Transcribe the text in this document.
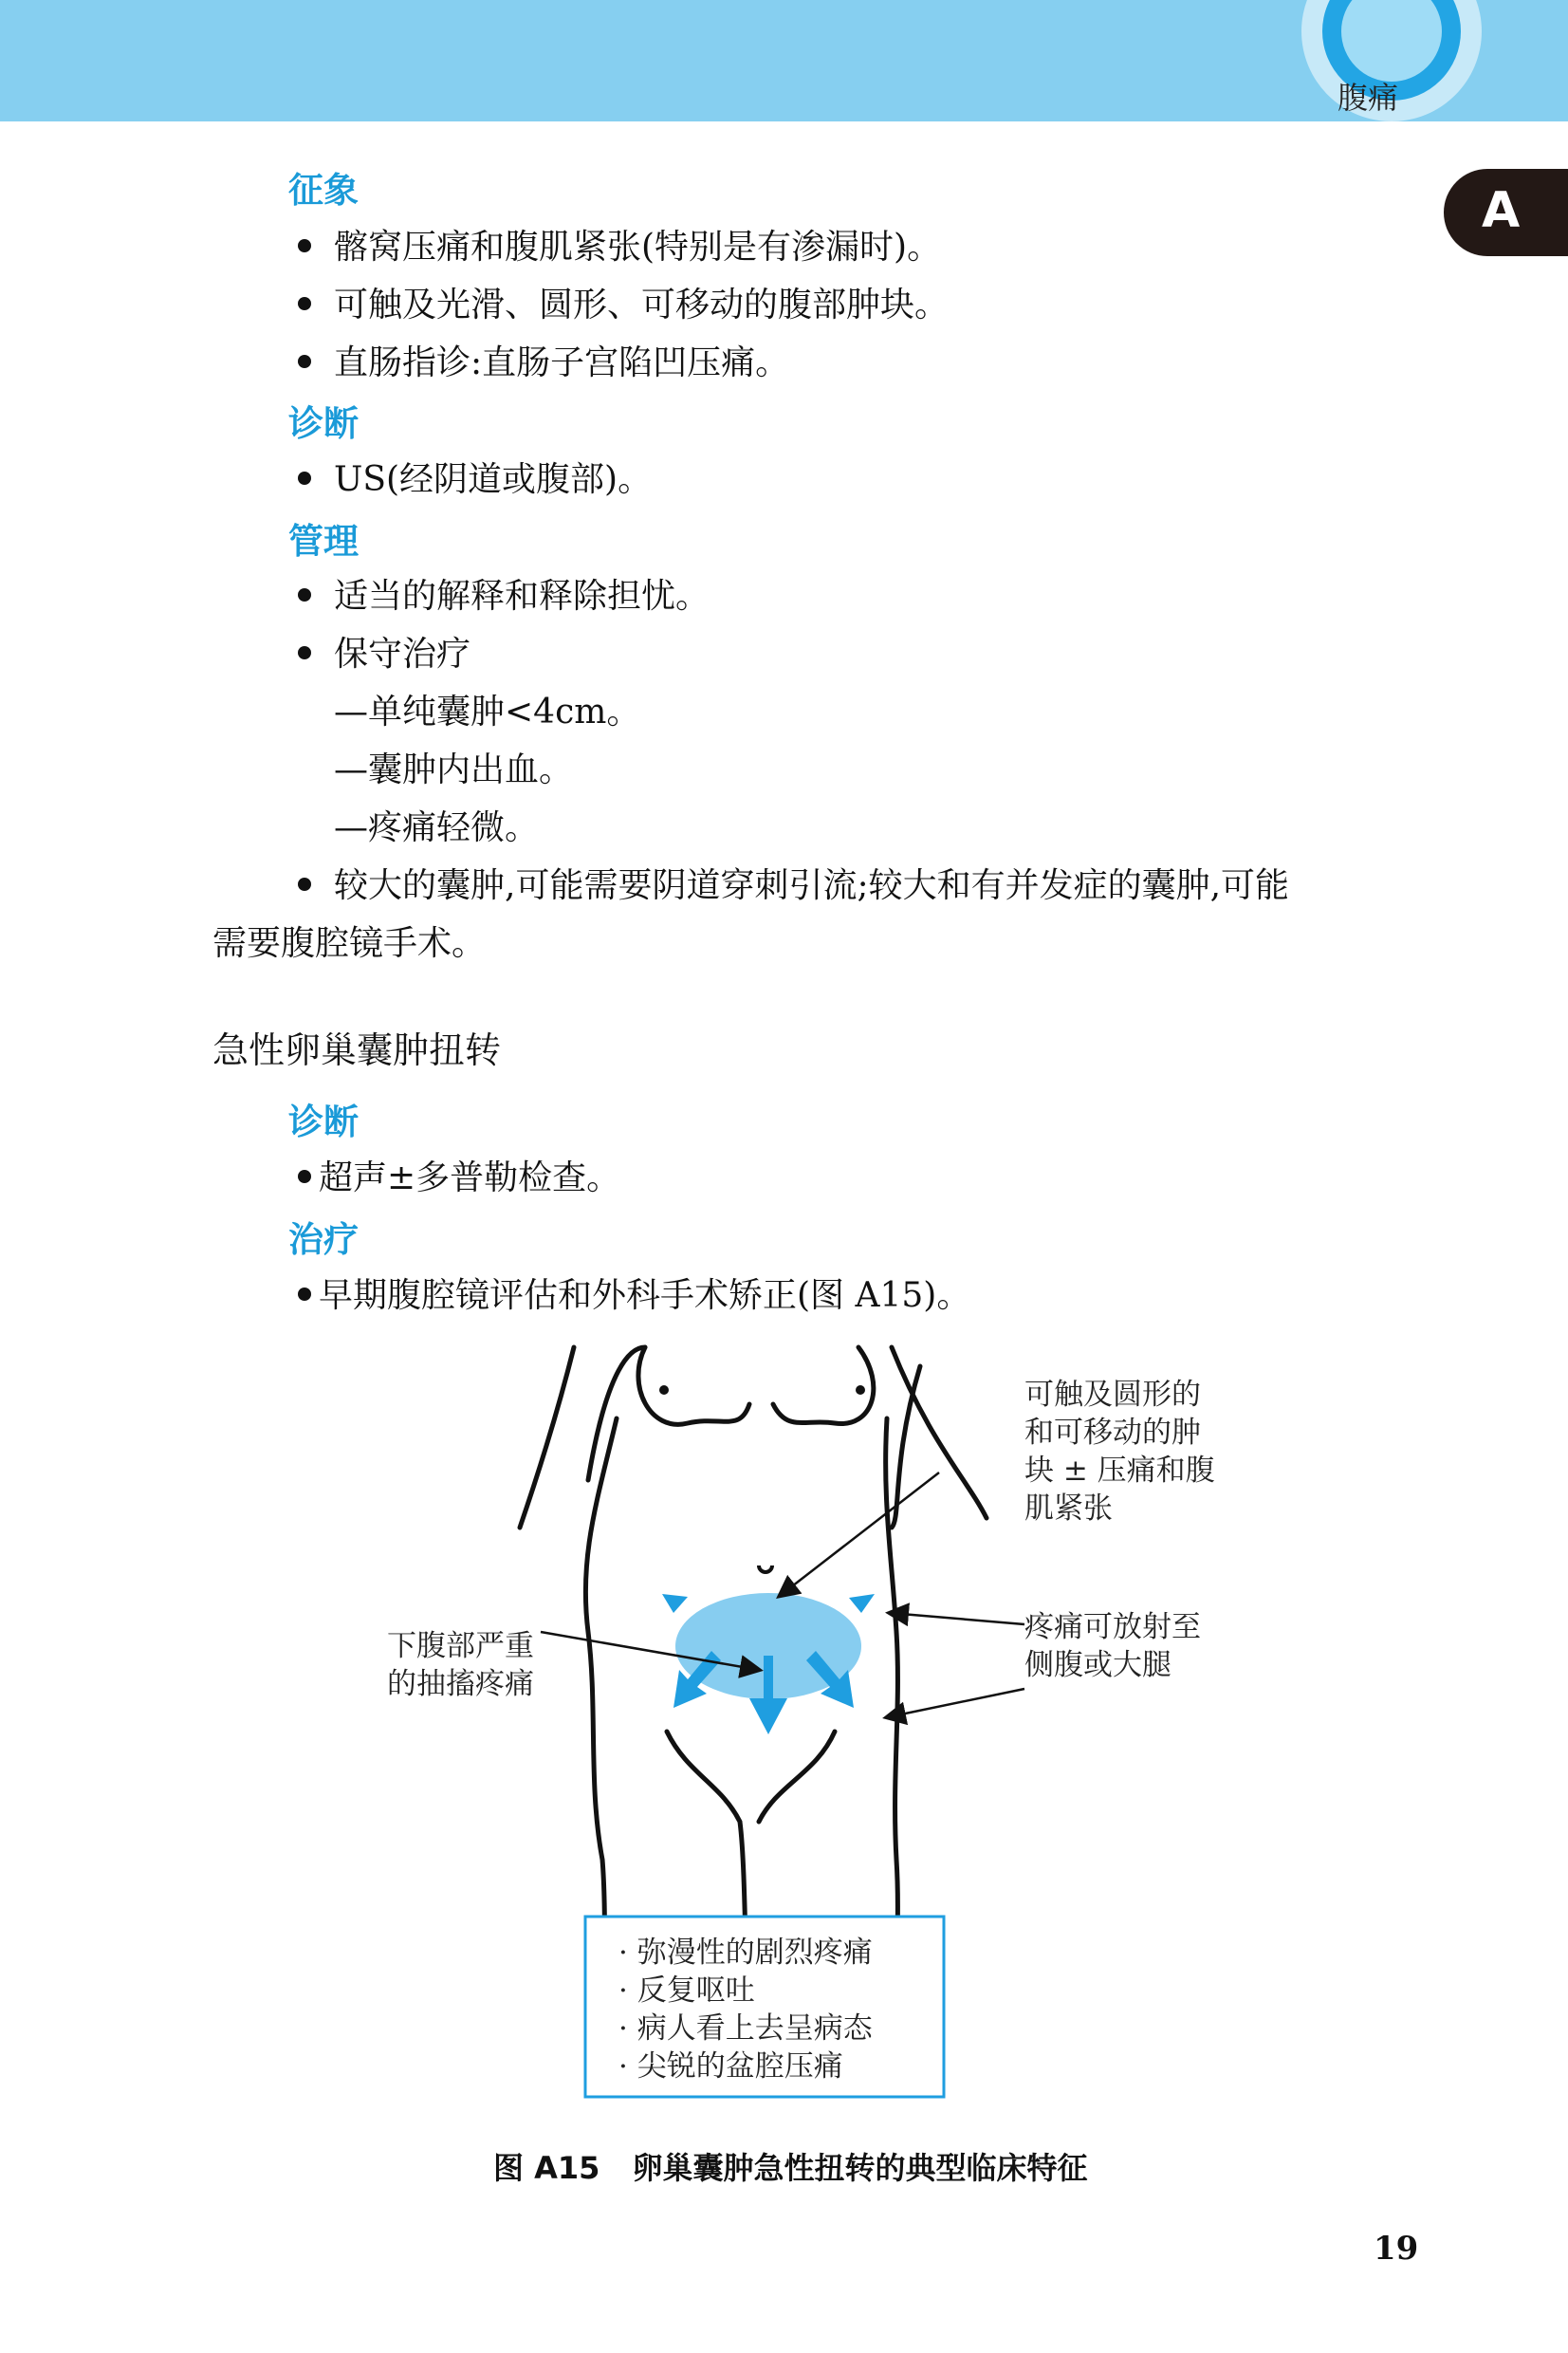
腹痛
A
征象
髂窝压痛和腹肌紧张(特别是有渗漏时)。
可触及光滑、圆形、可移动的腹部肿块。
直肠指诊:直肠子宫陷凹压痛。
诊断
US(经阴道或腹部)。
管理
适当的解释和释除担忧。
保守治疗
—单纯囊肿<4cm。
—囊肿内出血。
—疼痛轻微。
较大的囊肿,可能需要阴道穿刺引流;较大和有并发症的囊肿,可能
需要腹腔镜手术。
急性卵巢囊肿扭转
诊断
超声±多普勒检查。
治疗
早期腹腔镜评估和外科手术矫正(图 A15)。
可触及圆形的
和可移动的肿
块 ± 压痛和腹
肌紧张
下腹部严重
的抽搐疼痛
疼痛可放射至
侧腹或大腿
· 弥漫性的剧烈疼痛
· 反复呕吐
· 病人看上去呈病态
· 尖锐的盆腔压痛
图 A15 卵巢囊肿急性扭转的典型临床特征
19
